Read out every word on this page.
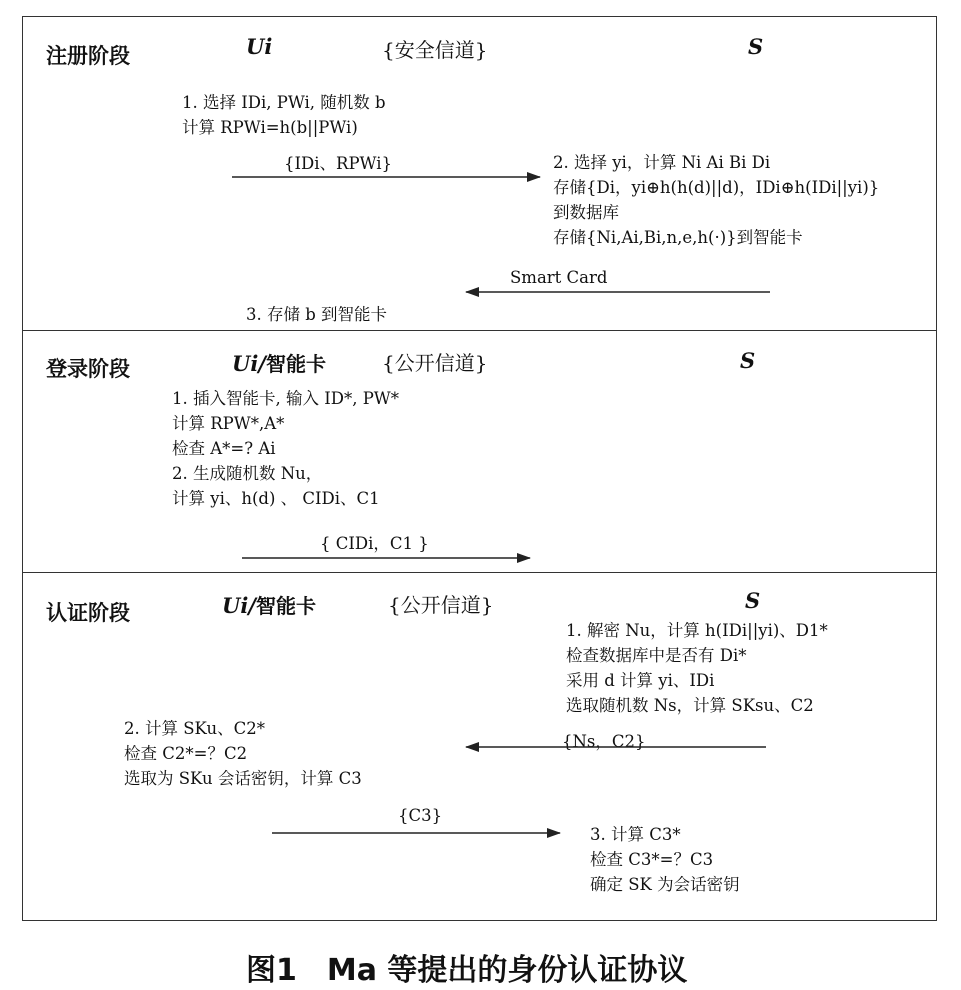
注册阶段	Ui	{安全信道}	S
1. 选择 IDi, PWi, 随机数 b
计算 RPWi=h(b||PWi)
{IDi、RPWi}	2. 选择 yi，计算 Ni Ai Bi Di
存储{Di，yi⊕h(h(d)||d)，IDi⊕h(IDi||yi)}
到数据库
存储{Ni,Ai,Bi,n,e,h(·)}到智能卡
Smart Card
3. 存储 b 到智能卡
登录阶段	Ui/智能卡	{公开信道}	S
1. 插入智能卡, 输入 ID*, PW*
计算 RPW*,A*
检查 A*=? Ai
2. 生成随机数 Nu，
计算 yi、h(d) 、 CIDi、C1
{ CIDi，C1 }
认证阶段	Ui/智能卡	{公开信道}	S
1. 解密 Nu，计算 h(IDi||yi)、D1*
检查数据库中是否有 Di*
采用 d 计算 yi、IDi
选取随机数 Ns，计算 SKsu、C2
2. 计算 SKu、C2*
检查 C2*=？C2
选取为 SKu 会话密钥，计算 C3
{Ns，C2}
{C3}
3. 计算 C3*
检查 C3*=？C3
确定 SK 为会话密钥
图1　Ma 等提出的身份认证协议
